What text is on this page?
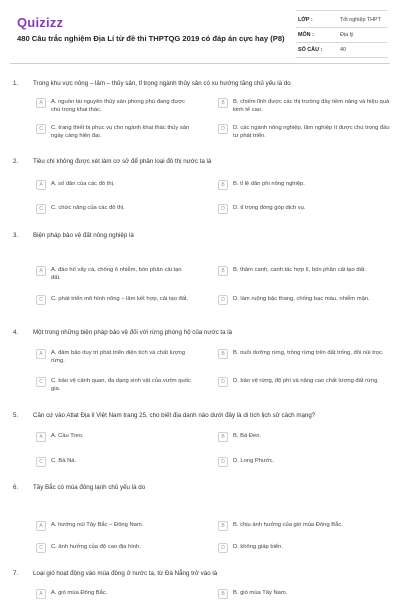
Quizizz
480 Câu trắc nghiệm Địa Lí từ đề thi THPTQG 2019 có đáp án cực hay (P8)
LỚP :	Tốt nghiệp THPT
MÔN :	Địa lý
SỐ CÂU :	40
1. Trong khu vực nông – lâm – thủy sản, tỉ trọng ngành thủy sản có xu hướng tăng chủ yếu là do
A	A. nguồn tài nguyên thủy sản phong phú đang được chú trọng khai thác.
B	B. chiếm lĩnh được các thị trường đầy tiềm năng và hiệu quả kinh tế cao.
C	C. trang thiết bị phục vụ cho ngành khai thác thủy sản ngày càng hiện đại.
D	D. các ngành nông nghiệp, lâm nghiệp ít được chú trọng đầu tư phát triển.
2. Tiêu chí không được xét làm cơ sở để phân loại đô thị nước ta là
A	A. số dân của các đô thị.	B	B. tỉ lệ dân phi nông nghiệp.
C	C. chức năng của các đô thị.	D	D. tỉ trọng đóng góp dịch vụ.
3. Biện pháp bảo vệ đất nông nghiệp là
A	A. đào hố vẩy cá, chống ô nhiễm, bón phân cải tạo đất.
B	B. thâm canh, canh tác hợp lí, bón phân cải tạo đất.
C	C. phát triển mô hình nông – lâm kết hợp, cải tạo đất.	D	D. làm ruộng bậc thang, chống bạc màu, nhiễm mặn.
4. Một trong những biện pháp bảo vệ đối với rừng phòng hộ của nước ta là
A	A. đảm bảo duy trì phát triển diện tích và chất lượng rừng.
B	B. nuôi dưỡng rừng, trồng rừng trên đất trống, đồi núi trọc.
C	C. bảo vệ cảnh quan, đa dạng sinh vật của vườn quốc gia.
D	D. bảo vệ rừng, độ phì và nâng cao chất lượng đất rừng.
5. Căn cứ vào Atlat Địa lí Việt Nam trang 25, cho biết địa danh nào dưới đây là di tích lịch sử cách mạng?
A	A. Cầu Treo.	B	B. Bà Đen.
C	C. Bà Nà.	D	D. Long Phước.
6. Tây Bắc có mùa đông lạnh chủ yếu là do
A	A. hướng núi Tây Bắc – Đông Nam.	B	B. chịu ảnh hưởng của gió mùa Đông Bắc.
C	C. ảnh hưởng của độ cao địa hình.	D	D. không giáp biển.
7. Loại gió hoạt động vào mùa đông ở nước ta, từ Đà Nẵng trở vào là
A	A. gió mùa Đông Bắc.	B	B. gió mùa Tây Nam.
